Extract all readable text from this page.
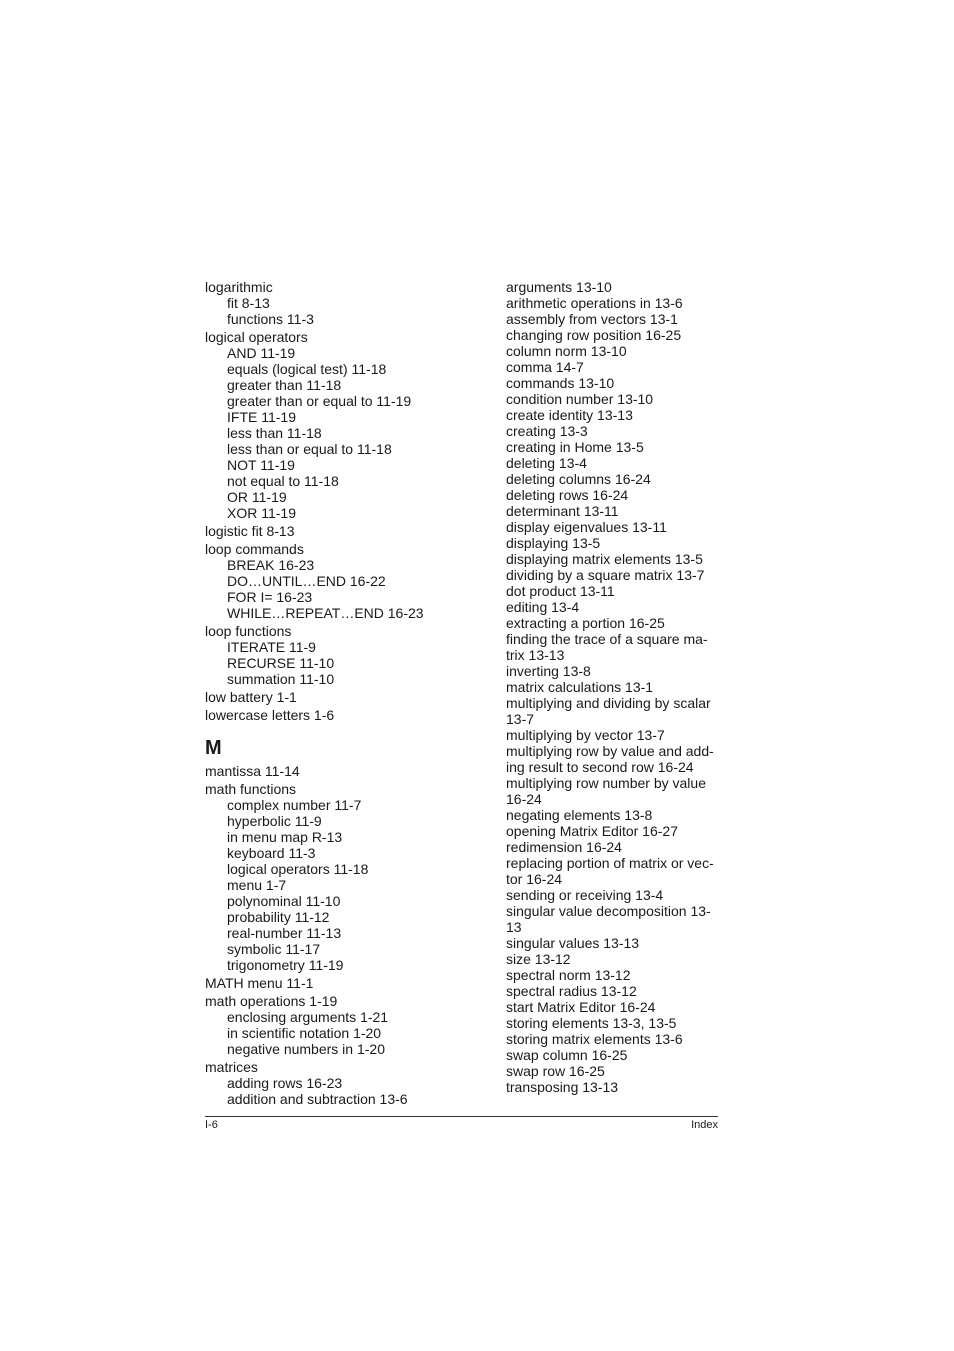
logarithmic
fit 8-13
functions 11-3
logical operators
AND 11-19
equals (logical test) 11-18
greater than 11-18
greater than or equal to 11-19
IFTE 11-19
less than 11-18
less than or equal to 11-18
NOT 11-19
not equal to 11-18
OR 11-19
XOR 11-19
logistic fit 8-13
loop commands
BREAK 16-23
DO…UNTIL…END 16-22
FOR I= 16-23
WHILE…REPEAT…END 16-23
loop functions
ITERATE 11-9
RECURSE 11-10
summation 11-10
low battery 1-1
lowercase letters 1-6
M
mantissa 11-14
math functions
complex number 11-7
hyperbolic 11-9
in menu map R-13
keyboard 11-3
logical operators 11-18
menu 1-7
polynominal 11-10
probability 11-12
real-number 11-13
symbolic 11-17
trigonometry 11-19
MATH menu 11-1
math operations 1-19
enclosing arguments 1-21
in scientific notation 1-20
negative numbers in 1-20
matrices
adding rows 16-23
addition and subtraction 13-6
arguments 13-10
arithmetic operations in 13-6
assembly from vectors 13-1
changing row position 16-25
column norm 13-10
comma 14-7
commands 13-10
condition number 13-10
create identity 13-13
creating 13-3
creating in Home 13-5
deleting 13-4
deleting columns 16-24
deleting rows 16-24
determinant 13-11
display eigenvalues 13-11
displaying 13-5
displaying matrix elements 13-5
dividing by a square matrix 13-7
dot product 13-11
editing 13-4
extracting a portion 16-25
finding the trace of a square ma-trix 13-13
inverting 13-8
matrix calculations 13-1
multiplying and dividing by scalar 13-7
multiplying by vector 13-7
multiplying row by value and add-ing result to second row 16-24
multiplying row number by value 16-24
negating elements 13-8
opening Matrix Editor 16-27
redimension 16-24
replacing portion of matrix or vec-tor 16-24
sending or receiving 13-4
singular value decomposition 13-13
singular values 13-13
size 13-12
spectral norm 13-12
spectral radius 13-12
start Matrix Editor 16-24
storing elements 13-3, 13-5
storing matrix elements 13-6
swap column 16-25
swap row 16-25
transposing 13-13
I-6	Index
